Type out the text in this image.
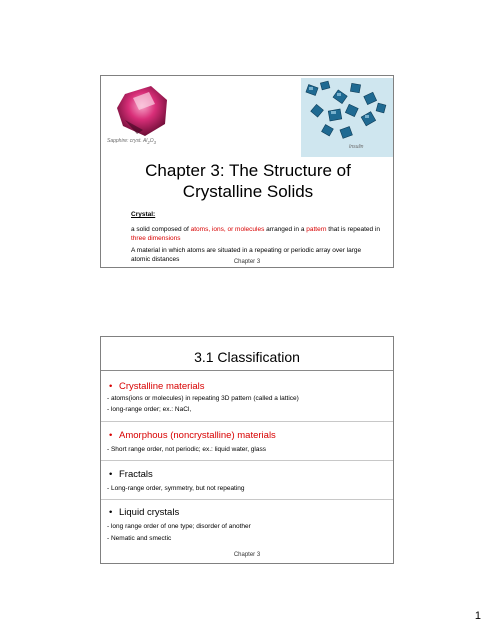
Sapphire: cryst. $Al_2O_3$
Insulin
Chapter 3: The Structure of Crystalline Solids
Crystal:
a solid composed of atoms, ions, or molecules arranged in a pattern that is repeated in three dimensions
A material in which atoms are situated in a repeating or periodic array over large atomic distances	Chapter 3
3.1 Classification
• Crystalline materials
- atoms(ions or molecules) in repeating 3D pattern (called a lattice)
- long-range order; ex.: NaCl,
• Amorphous (noncrystalline) materials
- Short range order, not periodic; ex.: liquid water, glass
• Fractals
- Long-range order, symmetry, but not repeating
• Liquid crystals
- long range order of one type; disorder of another
- Nematic and smectic
Chapter 3
1
